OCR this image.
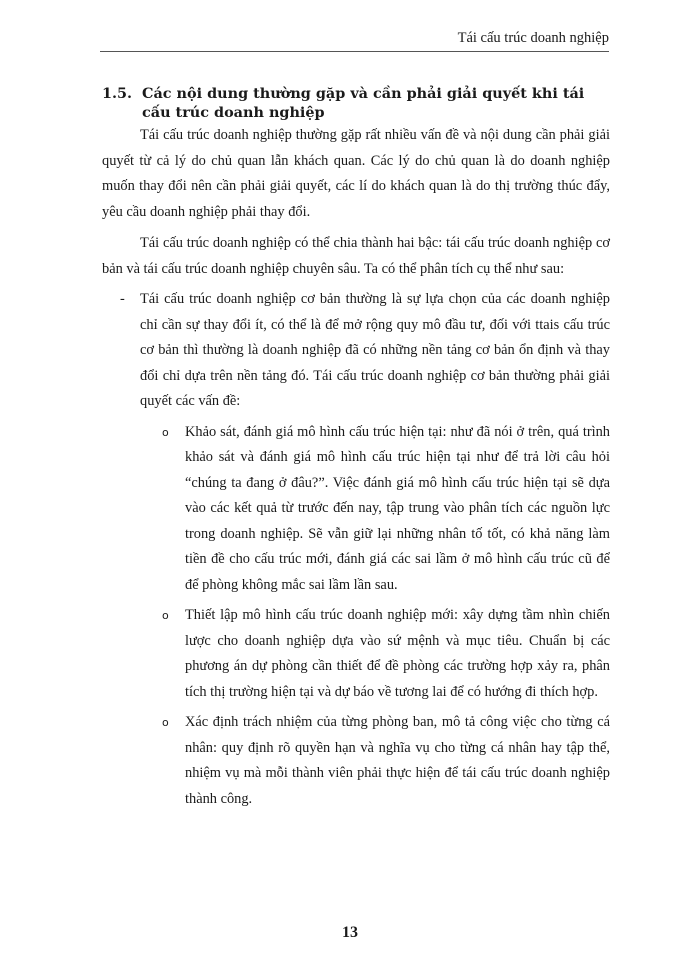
Tái cấu trúc doanh nghiệp
1.5. Các nội dung thường gặp và cần phải giải quyết khi tái cấu trúc doanh nghiệp

Tái cấu trúc doanh nghiệp thường gặp rất nhiều vấn đề và nội dung cần phải giải quyết từ cả lý do chủ quan lẫn khách quan. Các lý do chủ quan là do doanh nghiệp muốn thay đổi nên cần phải giải quyết, các lí do khách quan là do thị trường thúc đẩy, yêu cầu doanh nghiệp phải thay đổi.

Tái cấu trúc doanh nghiệp có thể chia thành hai bậc: tái cấu trúc doanh nghiệp cơ bản và tái cấu trúc doanh nghiệp chuyên sâu. Ta có thể phân tích cụ thể như sau:

-	Tái cấu trúc doanh nghiệp cơ bản thường là sự lựa chọn của các doanh nghiệp chỉ cần sự thay đổi ít, có thể là để mở rộng quy mô đầu tư, đối với ttais cấu trúc cơ bản thì thường là doanh nghiệp đã có những nền tảng cơ bản ổn định và thay đổi chỉ dựa trên nền tảng đó. Tái cấu trúc doanh nghiệp cơ bản thường phải giải quyết các vấn đề:
o	Khảo sát, đánh giá mô hình cấu trúc hiện tại: như đã nói ở trên, quá trình khảo sát và đánh giá mô hình cấu trúc hiện tại như để trả lời câu hỏi “chúng ta đang ở đâu?”. Việc đánh giá mô hình cấu trúc hiện tại sẽ dựa vào các kết quả từ trước đến nay, tập trung vào phân tích các nguồn lực trong doanh nghiệp. Sẽ vẫn giữ lại những nhân tố tốt, có khả năng làm tiền đề cho cấu trúc mới, đánh giá các sai lầm ở mô hình cấu trúc cũ để để phòng không mắc sai lầm lần sau.
o	Thiết lập mô hình cấu trúc doanh nghiệp mới: xây dựng tầm nhìn chiến lược cho doanh nghiệp dựa vào sứ mệnh và mục tiêu. Chuẩn bị các phương án dự phòng cần thiết để đề phòng các trường hợp xảy ra, phân tích thị trường hiện tại và dự báo về tương lai để có hướng đi thích hợp.
o	Xác định trách nhiệm của từng phòng ban, mô tả công việc cho từng cá nhân: quy định rõ quyền hạn và nghĩa vụ cho từng cá nhân hay tập thể, nhiệm vụ mà mỗi thành viên phải thực hiện để tái cấu trúc doanh nghiệp thành công.
13
